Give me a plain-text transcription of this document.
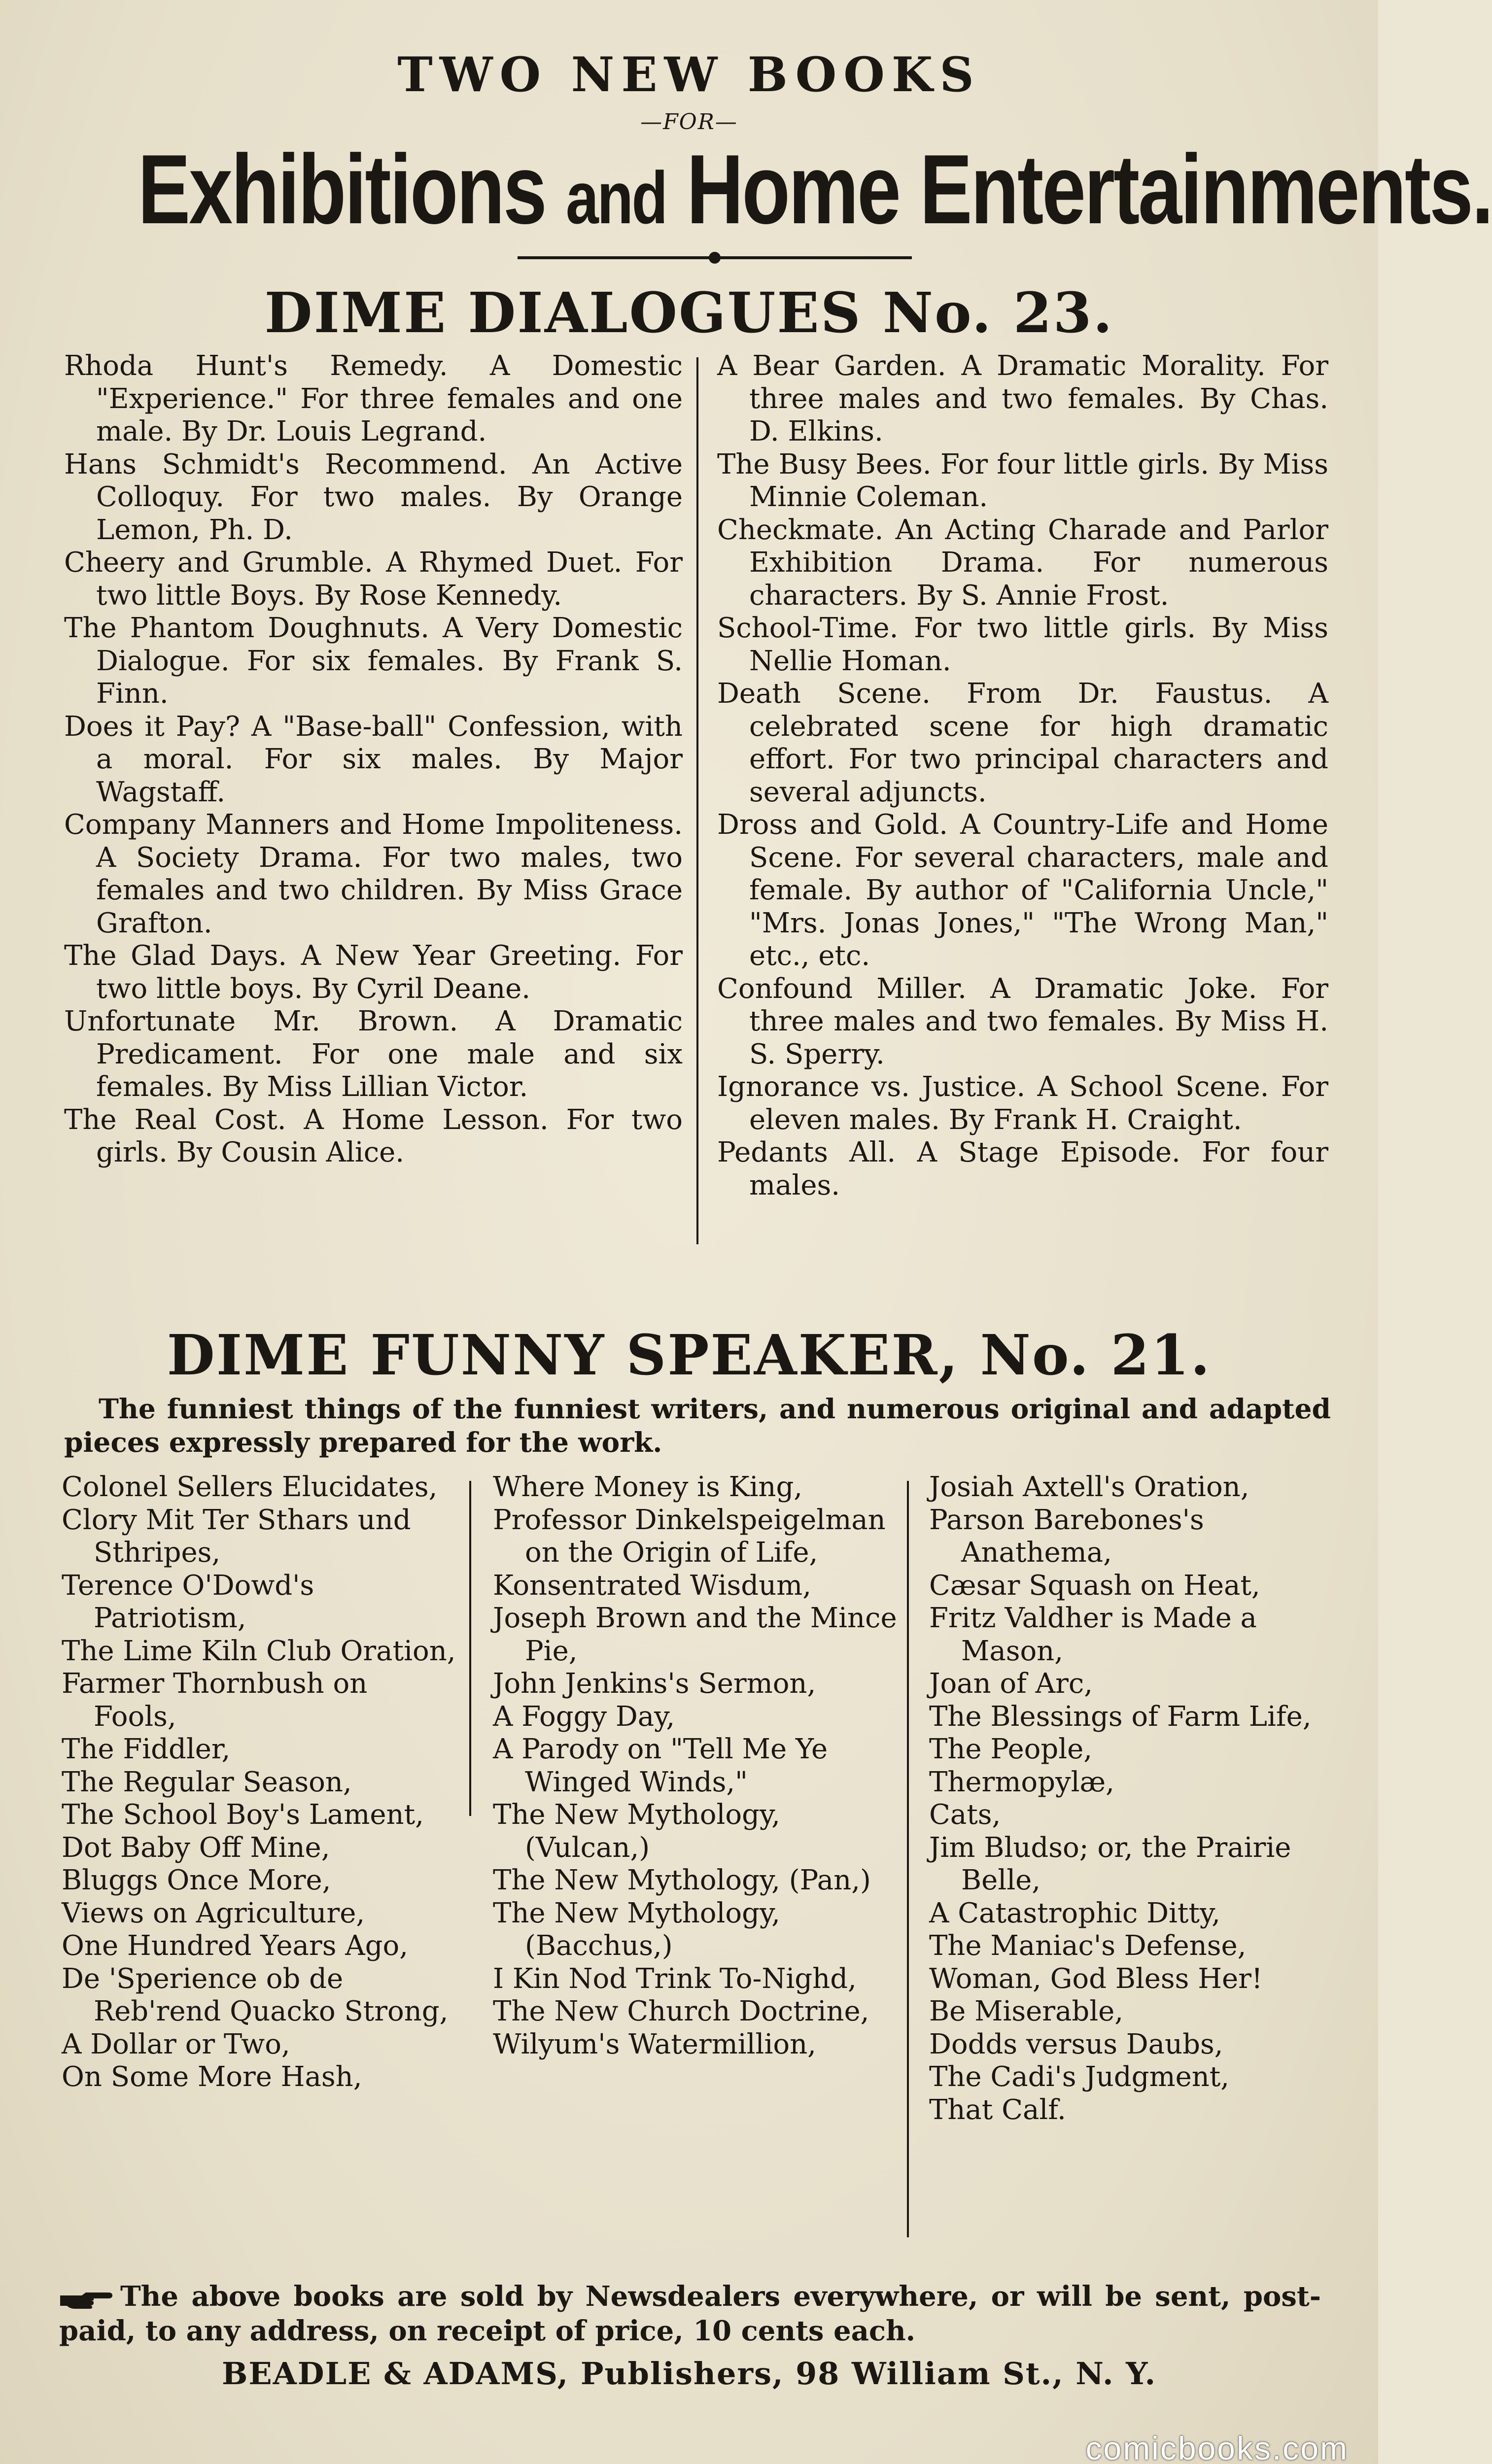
TWO NEW BOOKS
—FOR—
Exhibitions and Home Entertainments.
DIME DIALOGUES No. 23.
Rhoda Hunt's Remedy. A Domestic "Experience." For three females and one male. By Dr. Louis Legrand.
Hans Schmidt's Recommend. An Active Colloquy. For two males. By Orange Lemon, Ph. D.
Cheery and Grumble. A Rhymed Duet. For two little Boys. By Rose Kennedy.
The Phantom Doughnuts. A Very Domestic Dialogue. For six females. By Frank S. Finn.
Does it Pay? A "Base-ball" Confession, with a moral. For six males. By Major Wagstaff.
Company Manners and Home Impoliteness. A Society Drama. For two males, two females and two children. By Miss Grace Grafton.
The Glad Days. A New Year Greeting. For two little boys. By Cyril Deane.
Unfortunate Mr. Brown. A Dramatic Predicament. For one male and six females. By Miss Lillian Victor.
The Real Cost. A Home Lesson. For two girls. By Cousin Alice.
A Bear Garden. A Dramatic Morality. For three males and two females. By Chas. D. Elkins.
The Busy Bees. For four little girls. By Miss Minnie Coleman.
Checkmate. An Acting Charade and Parlor Exhibition Drama. For numerous characters. By S. Annie Frost.
School-Time. For two little girls. By Miss Nellie Homan.
Death Scene. From Dr. Faustus. A celebrated scene for high dramatic effort. For two principal characters and several adjuncts.
Dross and Gold. A Country-Life and Home Scene. For several characters, male and female. By author of "California Uncle," "Mrs. Jonas Jones," "The Wrong Man," etc., etc.
Confound Miller. A Dramatic Joke. For three males and two females. By Miss H. S. Sperry.
Ignorance vs. Justice. A School Scene. For eleven males. By Frank H. Craight.
Pedants All. A Stage Episode. For four males.
DIME FUNNY SPEAKER, No. 21.
The funniest things of the funniest writers, and numerous original and adapted pieces expressly prepared for the work.
Colonel Sellers Elucidates,
Clory Mit Ter Sthars und Sthripes,
Terence O'Dowd's Patriotism,
The Lime Kiln Club Oration,
Farmer Thornbush on Fools,
The Fiddler,
The Regular Season,
The School Boy's Lament,
Dot Baby Off Mine,
Bluggs Once More,
Views on Agriculture,
One Hundred Years Ago,
De 'Sperience ob de Reb'rend Quacko Strong,
A Dollar or Two,
On Some More Hash,
Where Money is King,
Professor Dinkelspeigelman on the Origin of Life,
Konsentrated Wisdum,
Joseph Brown and the Mince Pie,
John Jenkins's Sermon,
A Foggy Day,
A Parody on "Tell Me Ye Winged Winds,"
The New Mythology, (Vulcan,)
The New Mythology, (Pan,)
The New Mythology, (Bacchus,)
I Kin Nod Trink To-Nighd,
The New Church Doctrine,
Wilyum's Watermillion,
Josiah Axtell's Oration,
Parson Barebones's Anathema,
Cæsar Squash on Heat,
Fritz Valdher is Made a Mason,
Joan of Arc,
The Blessings of Farm Life,
The People,
Thermopylæ,
Cats,
Jim Bludso; or, the Prairie Belle,
A Catastrophic Ditty,
The Maniac's Defense,
Woman, God Bless Her!
Be Miserable,
Dodds versus Daubs,
The Cadi's Judgment,
That Calf.
The above books are sold by Newsdealers everywhere, or will be sent, post-paid, to any address, on receipt of price, 10 cents each.
BEADLE & ADAMS, Publishers, 98 William St., N. Y.
comicbooks.com
